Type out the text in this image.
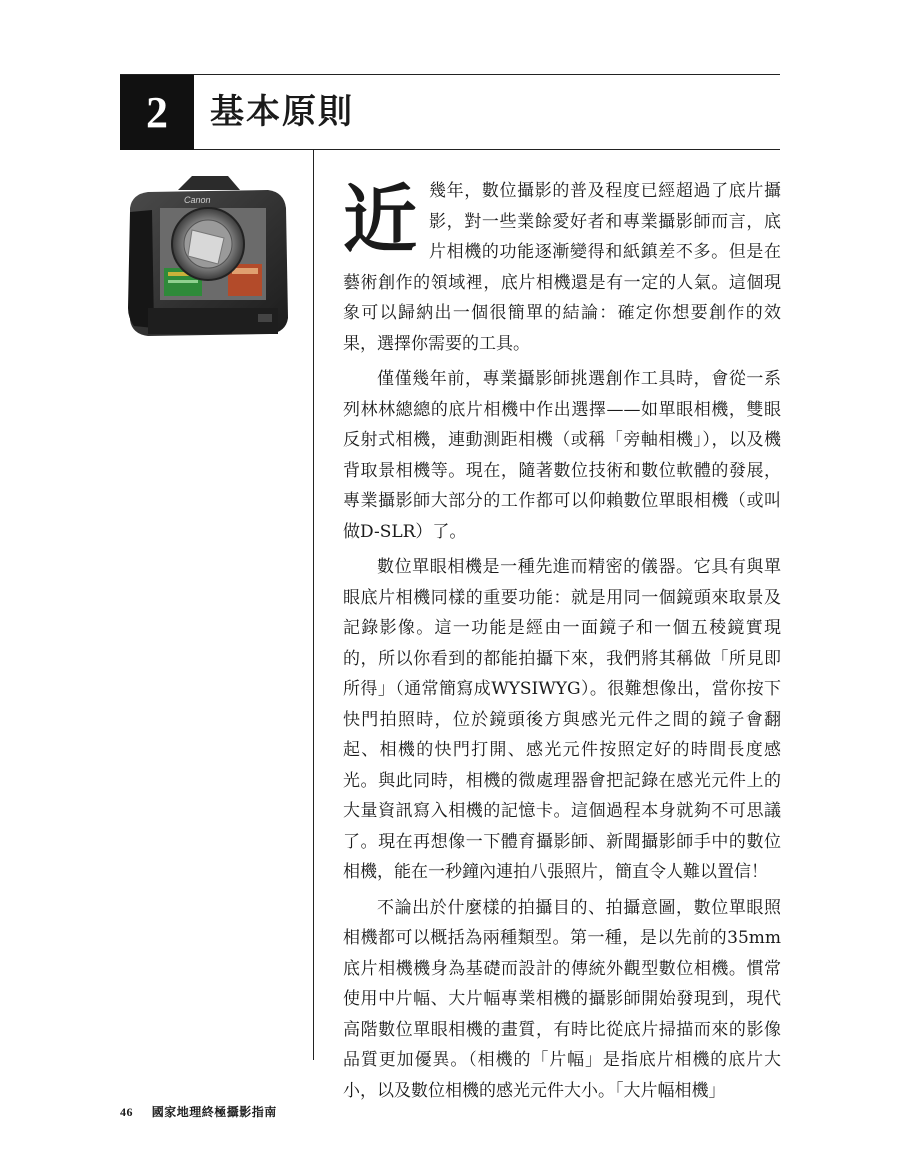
2	基本原則
Canon 近幾年，數位攝影的普及程度已經超過了底片攝影，對一些業餘愛好者和專業攝影師而言，底片相機的功能逐漸變得和紙鎮差不多。但是在藝術創作的領域裡，底片相機還是有一定的人氣。這個現象可以歸納出一個很簡單的結論：確定你想要創作的效果，選擇你需要的工具。

僅僅幾年前，專業攝影師挑選創作工具時，會從一系列林林總總的底片相機中作出選擇——如單眼相機，雙眼反射式相機，連動測距相機（或稱「旁軸相機」），以及機背取景相機等。現在，隨著數位技術和數位軟體的發展，專業攝影師大部分的工作都可以仰賴數位單眼相機（或叫做D-SLR）了。

數位單眼相機是一種先進而精密的儀器。它具有與單眼底片相機同樣的重要功能：就是用同一個鏡頭來取景及記錄影像。這一功能是經由一面鏡子和一個五稜鏡實現的，所以你看到的都能拍攝下來，我們將其稱做「所見即所得」（通常簡寫成WYSIWYG）。很難想像出，當你按下快門拍照時，位於鏡頭後方與感光元件之間的鏡子會翻起、相機的快門打開、感光元件按照定好的時間長度感光。與此同時，相機的微處理器會把記錄在感光元件上的大量資訊寫入相機的記憶卡。這個過程本身就夠不可思議了。現在再想像一下體育攝影師、新聞攝影師手中的數位相機，能在一秒鐘內連拍八張照片，簡直令人難以置信！

不論出於什麼樣的拍攝目的、拍攝意圖，數位單眼照相機都可以概括為兩種類型。第一種，是以先前的35mm底片相機機身為基礎而設計的傳統外觀型數位相機。慣常使用中片幅、大片幅專業相機的攝影師開始發現到，現代高階數位單眼相機的畫質，有時比從底片掃描而來的影像品質更加優異。（相機的「片幅」是指底片相機的底片大小，以及數位相機的感光元件大小。「大片幅相機」

46 國家地理終極攝影指南
